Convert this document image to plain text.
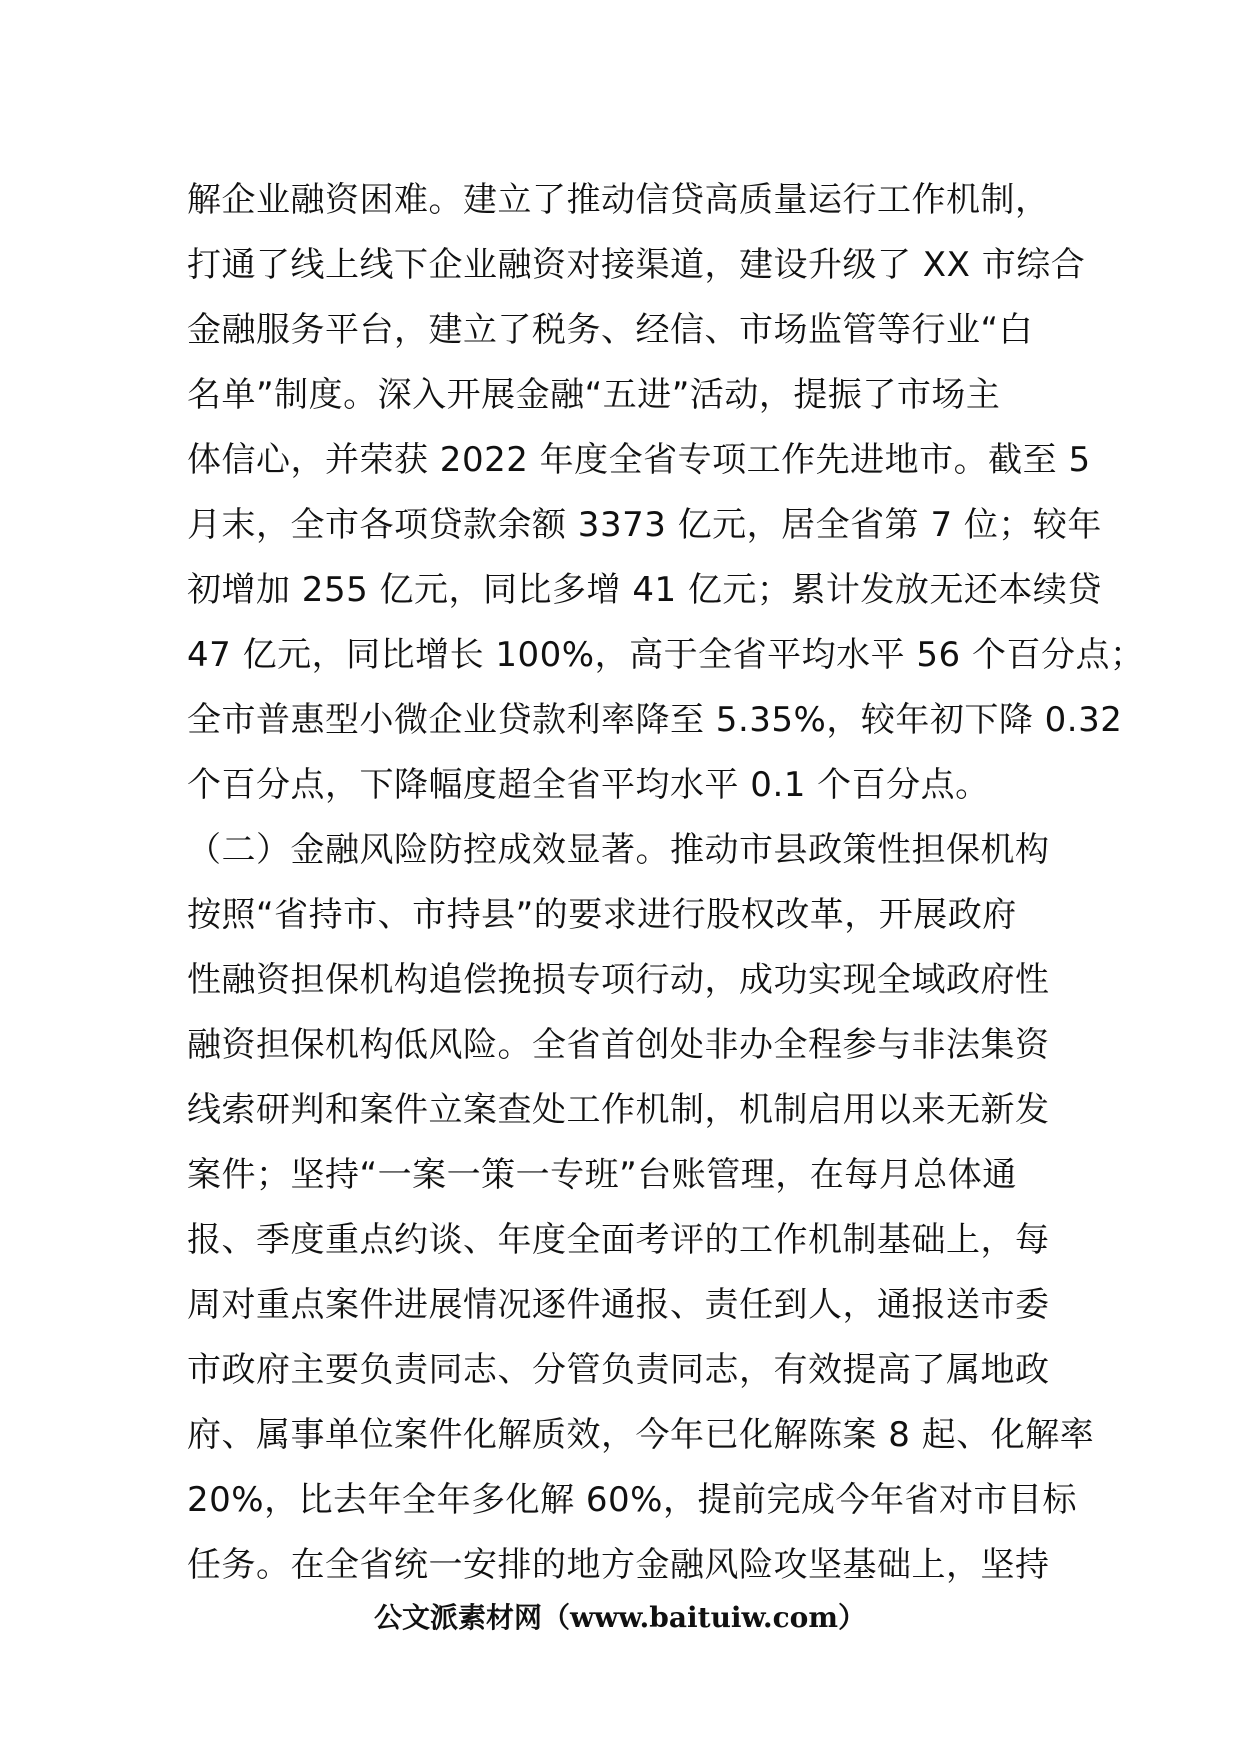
解企业融资困难。建立了推动信贷高质量运行工作机制，
打通了线上线下企业融资对接渠道，建设升级了 XX 市综合
金融服务平台，建立了税务、经信、市场监管等行业“白
名单”制度。深入开展金融“五进”活动，提振了市场主
体信心，并荣获 2022 年度全省专项工作先进地市。截至 5
月末，全市各项贷款余额 3373 亿元，居全省第 7 位；较年
初增加 255 亿元，同比多增 41 亿元；累计发放无还本续贷
47 亿元，同比增长 100%，高于全省平均水平 56 个百分点；
全市普惠型小微企业贷款利率降至 5.35%，较年初下降 0.32
个百分点，下降幅度超全省平均水平 0.1 个百分点。
（二）金融风险防控成效显著。推动市县政策性担保机构
按照“省持市、市持县”的要求进行股权改革，开展政府
性融资担保机构追偿挽损专项行动，成功实现全域政府性
融资担保机构低风险。全省首创处非办全程参与非法集资
线索研判和案件立案查处工作机制，机制启用以来无新发
案件；坚持“一案一策一专班”台账管理，在每月总体通
报、季度重点约谈、年度全面考评的工作机制基础上，每
周对重点案件进展情况逐件通报、责任到人，通报送市委
市政府主要负责同志、分管负责同志，有效提高了属地政
府、属事单位案件化解质效，今年已化解陈案 8 起、化解率
20%，比去年全年多化解 60%，提前完成今年省对市目标
任务。在全省统一安排的地方金融风险攻坚基础上，坚持
公文派素材网（www.baituiw.com）
